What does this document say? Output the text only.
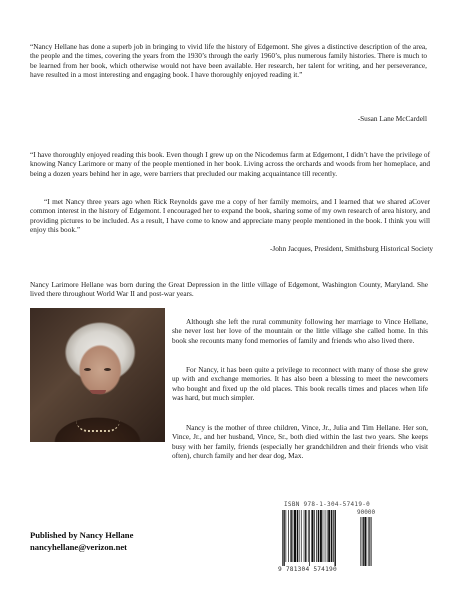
“Nancy Hellane has done a superb job in bringing to vivid life the history of Edgemont. She gives a distinctive description of the area, the people and the times, covering the years from the 1930’s through the early 1960’s, plus numerous family histories. There is much to be learned from her book, which otherwise would not have been available. Her research, her talent for writing, and her perseverance, have resulted in a most interesting and engaging book. I have thoroughly enjoyed reading it.”
-Susan Lane McCardell
“I have thoroughly enjoyed reading this book. Even though I grew up on the Nicodemus farm at Edgemont, I didn’t have the privilege of knowing Nancy Larimore or many of the people mentioned in her book. Living across the orchards and woods from her homeplace, and being a dozen years behind her in age, were barriers that precluded our making acquaintance till recently.
“I met Nancy three years ago when Rick Reynolds gave me a copy of her family memoirs, and I learned that we shared aCover common interest in the history of Edgemont. I encouraged her to expand the book, sharing some of my own research of area history, and providing pictures to be included. As a result, I have come to know and appreciate many people mentioned in the book. I think you will enjoy this book.”
-John Jacques, President, Smithsburg Historical Society
Nancy Larimore Hellane was born during the Great Depression in the little village of Edgemont, Washington County, Maryland. She lived there throughout World War II and post-war years.
Although she left the rural community following her marriage to Vince Hellane, she never lost her love of the mountain or the little village she called home. In this book she recounts many fond memories of family and friends who also lived there.
For Nancy, it has been quite a privilege to reconnect with many of those she grew up with and exchange memories. It has also been a blessing to meet the newcomers who bought and fixed up the old places. This book recalls times and places when life was hard, but much simpler.
Nancy is the mother of three children, Vince, Jr., Julia and Tim Hellane. Her son, Vince, Jr., and her husband, Vince, Sr., both died within the last two years. She keeps busy with her family, friends (especially her grandchildren and their friends who visit often), church family and her dear dog, Max.
Published by Nancy Hellane
nancyhellane@verizon.net
ISBN 978-1-304-57419-0
90000
9 781304 574190
